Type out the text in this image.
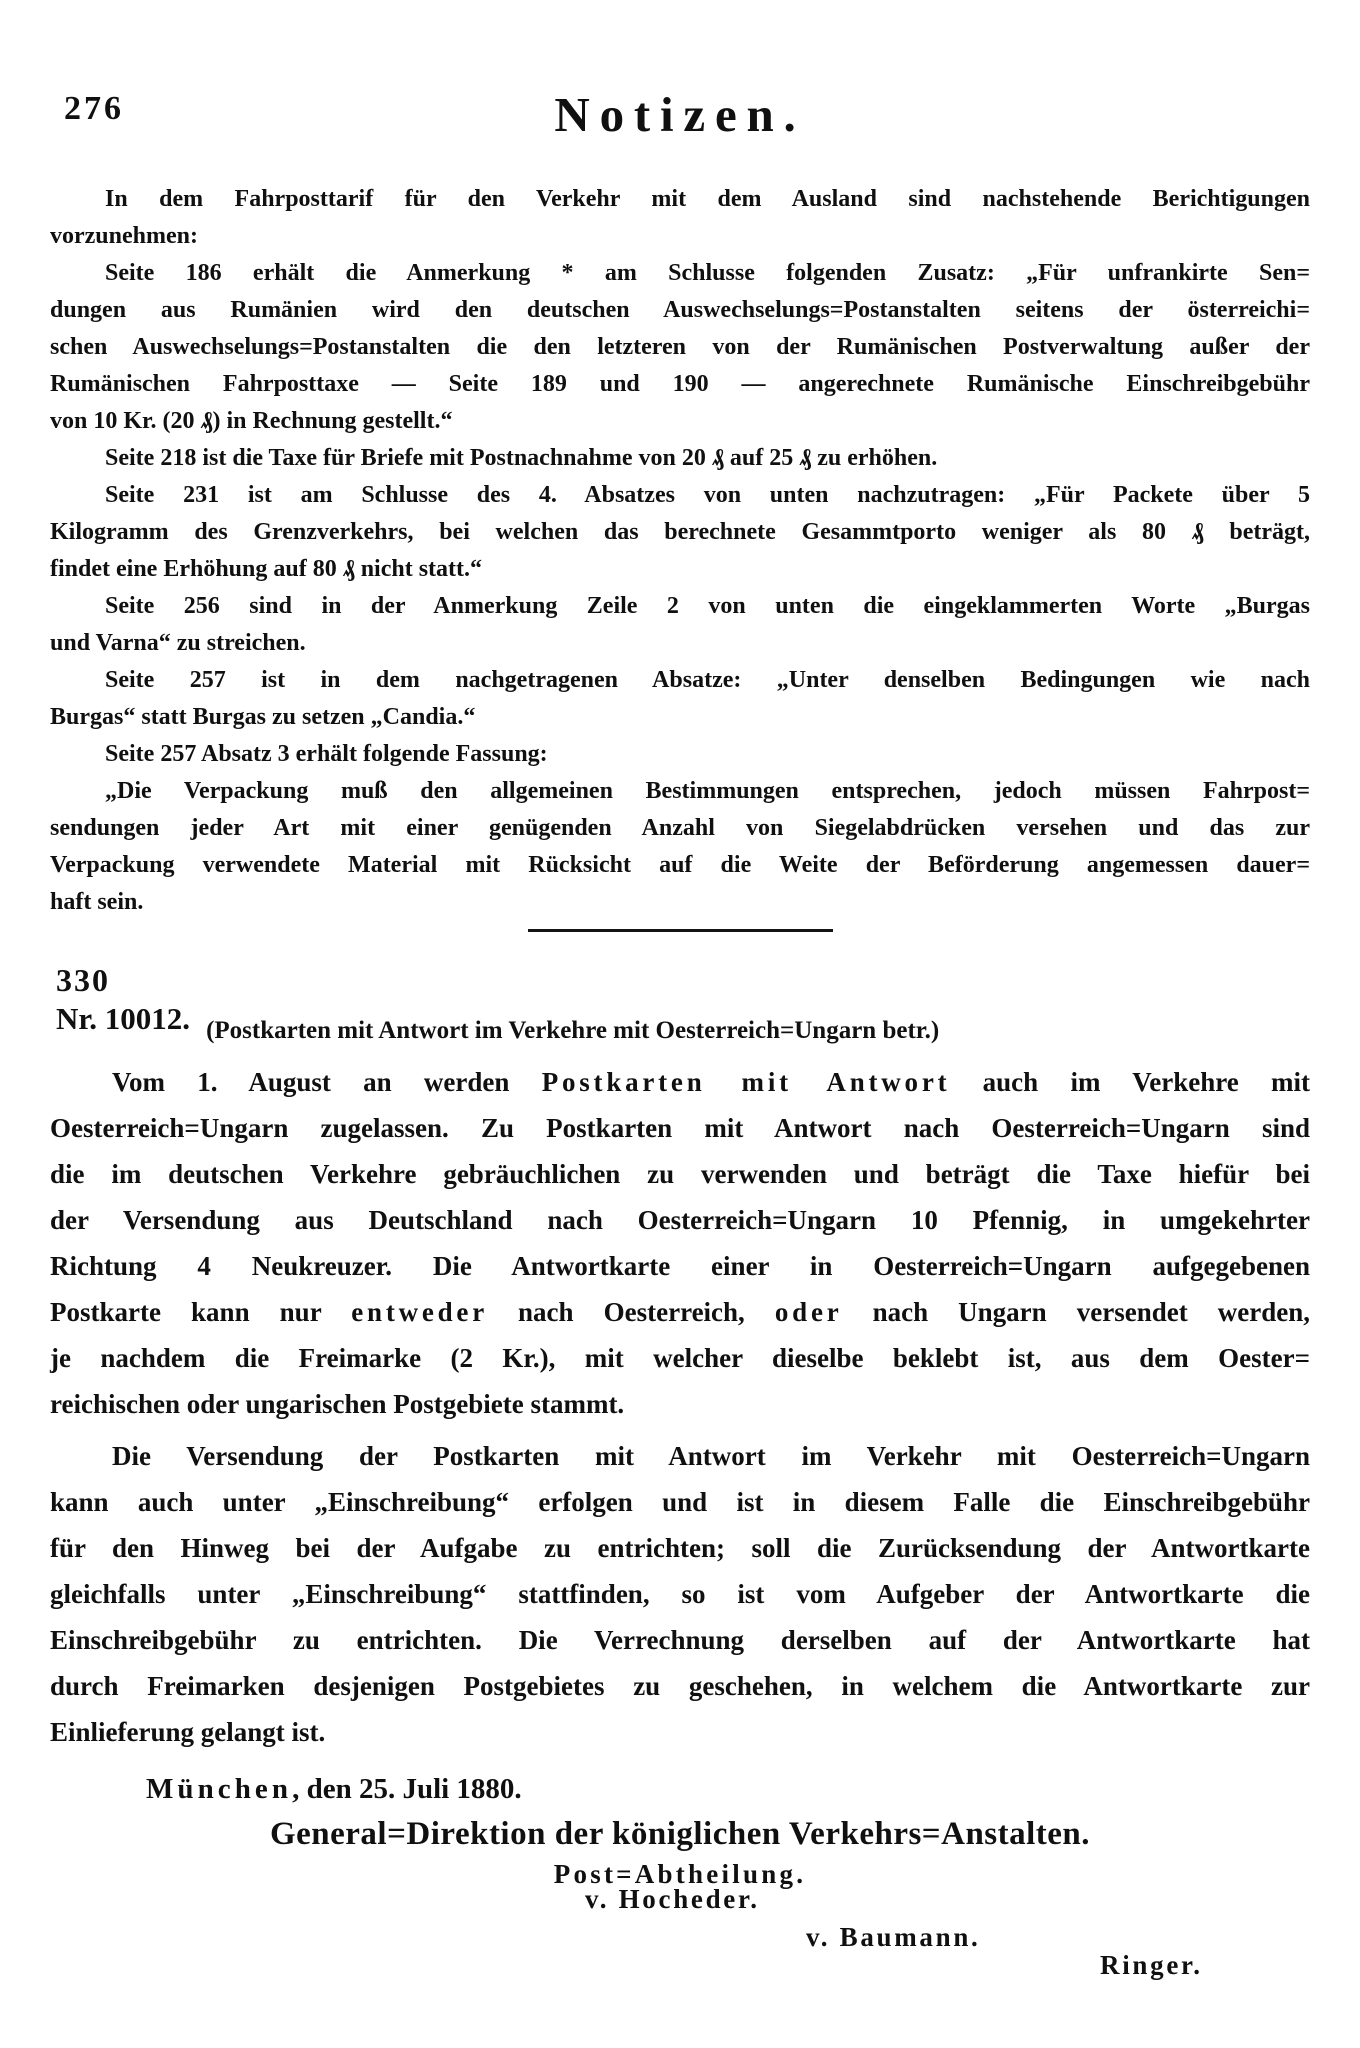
276	Notizen.
In dem Fahrposttarif für den Verkehr mit dem Ausland sind nachstehende Berichtigungen
vorzunehmen:
Seite 186 erhält die Anmerkung * am Schlusse folgenden Zusatz: „Für unfrankirte Sen=
dungen aus Rumänien wird den deutschen Auswechselungs=Postanstalten seitens der österreichi=
schen Auswechselungs=Postanstalten die den letzteren von der Rumänischen Postverwaltung außer der
Rumänischen Fahrposttaxe — Seite 189 und 190 — angerechnete Rumänische Einschreibgebühr
von 10 Kr. (20 ₰) in Rechnung gestellt.“
Seite 218 ist die Taxe für Briefe mit Postnachnahme von 20 ₰ auf 25 ₰ zu erhöhen.
Seite 231 ist am Schlusse des 4. Absatzes von unten nachzutragen: „Für Packete über 5
Kilogramm des Grenzverkehrs, bei welchen das berechnete Gesammtporto weniger als 80 ₰ beträgt,
findet eine Erhöhung auf 80 ₰ nicht statt.“
Seite 256 sind in der Anmerkung Zeile 2 von unten die eingeklammerten Worte „Burgas
und Varna“ zu streichen.
Seite 257 ist in dem nachgetragenen Absatze: „Unter denselben Bedingungen wie nach
Burgas“ statt Burgas zu setzen „Candia.“
Seite 257 Absatz 3 erhält folgende Fassung:
„Die Verpackung muß den allgemeinen Bestimmungen entsprechen, jedoch müssen Fahrpost=
sendungen jeder Art mit einer genügenden Anzahl von Siegelabdrücken versehen und das zur
Verpackung verwendete Material mit Rücksicht auf die Weite der Beförderung angemessen dauer=
haft sein.
330
Nr. 10012. (Postkarten mit Antwort im Verkehre mit Oesterreich=Ungarn betr.)
Vom 1. August an werden Postkarten mit Antwort auch im Verkehre mit
Oesterreich=Ungarn zugelassen. Zu Postkarten mit Antwort nach Oesterreich=Ungarn sind
die im deutschen Verkehre gebräuchlichen zu verwenden und beträgt die Taxe hiefür bei
der Versendung aus Deutschland nach Oesterreich=Ungarn 10 Pfennig, in umgekehrter
Richtung 4 Neukreuzer. Die Antwortkarte einer in Oesterreich=Ungarn aufgegebenen
Postkarte kann nur entweder nach Oesterreich, oder nach Ungarn versendet werden,
je nachdem die Freimarke (2 Kr.), mit welcher dieselbe beklebt ist, aus dem Oester=
reichischen oder ungarischen Postgebiete stammt.
Die Versendung der Postkarten mit Antwort im Verkehr mit Oesterreich=Ungarn
kann auch unter „Einschreibung“ erfolgen und ist in diesem Falle die Einschreibgebühr
für den Hinweg bei der Aufgabe zu entrichten; soll die Zurücksendung der Antwortkarte
gleichfalls unter „Einschreibung“ stattfinden, so ist vom Aufgeber der Antwortkarte die
Einschreibgebühr zu entrichten. Die Verrechnung derselben auf der Antwortkarte hat
durch Freimarken desjenigen Postgebietes zu geschehen, in welchem die Antwortkarte zur
Einlieferung gelangt ist.
München, den 25. Juli 1880.
General=Direktion der königlichen Verkehrs=Anstalten.
Post=Abtheilung.
v. Hocheder.
v. Baumann.
Ringer.
